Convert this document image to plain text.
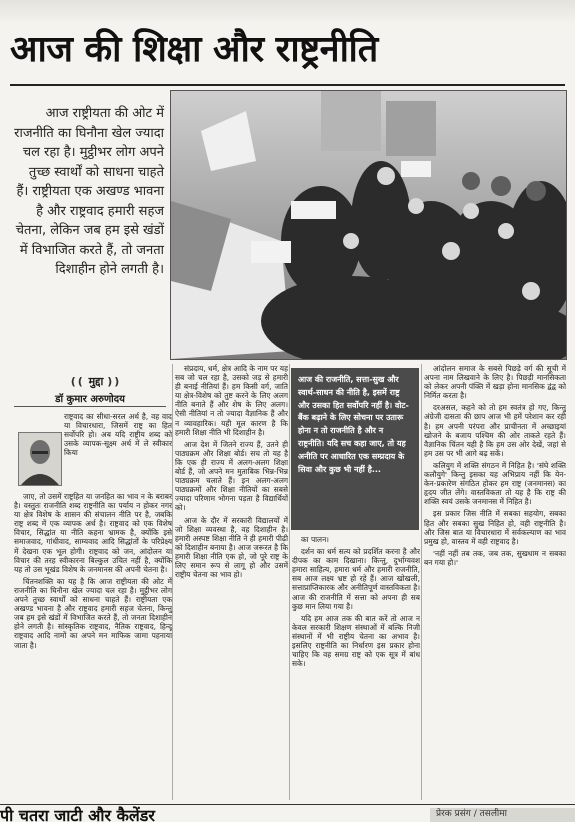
आज की शिक्षा और राष्ट्रनीति
आज राष्ट्रीयता की ओट में राजनीति का घिनौना खेल ज्यादा चल रहा है। मुट्ठीभर लोग अपने तुच्छ स्वार्थों को साधना चाहते हैं। राष्ट्रीयता एक अखण्ड भावना है और राष्ट्रवाद हमारी सहज चेतना, लेकिन जब हम इसे खंडों में विभाजित करते हैं, तो जनता दिशाहीन होने लगती है।
(( मुद्दा ))
डॉ कुमार अरुणोदय
राष्ट्रवाद का सीधा-सरल अर्थ है, वह वाद या विचारधारा, जिसमें राष्ट्र का हित सर्वोपरि हो। अब यदि राष्ट्रीय शब्द को उसके व्यापक-सूक्ष्म अर्थ में ले स्वीकार किया

जाए, तो उसमें राष्ट्रहित या जनहित का भाव न के बराबर है। वस्तुतः राजनीति शब्द राष्ट्रनीति का पर्याय न होकर नगर या क्षेत्र विशेष के शासन की संचालन नीति पर है, जबकि राष्ट्र शब्द में एक व्यापक अर्थ है। राष्ट्रवाद को एक विशेष विचार, सिद्धांत या नीति कहना भ्रामक है, क्योंकि इसे समाजवाद, गांधीवाद, साम्यवाद आदि सिद्धांतों के परिप्रेक्ष्य में देखना एक भूल होगी। राष्ट्रवाद को जन, आंदोलन या विचार की तरह स्वीकारना बिल्कुल उचित नहीं है, क्योंकि यह तो उस भूखंड विशेष के जनमानस की अपनी चेतना है।

चिंतनशक्ति का यह है कि आज राष्ट्रीयता की ओट में राजनीति का घिनौना खेल ज्यादा चल रहा है। मुट्ठीभर लोग अपने तुच्छ स्वार्थों को साधना चाहते हैं। राष्ट्रीयता एक अखण्ड भावना है और राष्ट्रवाद हमारी सहज चेतना, किन्तु जब हम इसे खंडों में विभाजित करते हैं, तो जनता दिशाहीन होने लगती है। सांस्कृतिक राष्ट्रवाद, नैतिक राष्ट्रवाद, हिन्दू राष्ट्रवाद आदि नामों का अपने मन माफिक जामा पहनाया जाता है।

संप्रदाय, धर्म, क्षेत्र आदि के नाम पर यह सब जो चल रहा है, उसको जड़ से हमारी ही बनाई नीतियां हैं। हम किसी वर्ग, जाति या क्षेत्र-विशेष को तुष्ट करने के लिए अलग नीति बनाते हैं और शेष के लिए अलग। ऐसी नीतियां न तो ज्यादा वैज्ञानिक हैं और न व्यावहारिक। यही मूल कारण है कि हमारी शिक्षा नीति भी दिशाहीन है।

आज देश में जितने राज्य हैं, उतने ही पाठ्यक्रम और शिक्षा बोर्ड। सच तो यह है कि एक ही राज्य में अलग-अलग शिक्षा बोर्ड हैं, जो अपने मन मुताबिक भिन्न-भिन्न पाठ्यक्रम चलाते हैं। इन अलग-अलग पाठ्यक्रमों और शिक्षा नीतियों का सबसे ज्यादा परिणाम भोगना पड़ता है विद्यार्थियों को।

आज के दौर में सरकारी विद्यालयों में जो शिक्षा व्यवस्था है, वह दिशाहीन है। हमारी अस्पष्ट शिक्षा नीति ने ही हमारी पीढ़ी को दिशाहीन बनाया है। आज जरूरत है कि हमारी शिक्षा नीति एक हो, जो पूरे राष्ट्र के लिए समान रूप से लागू हो और उसमें राष्ट्रीय चेतना का भाव हो।

आज की राजनीति, सत्ता-सुख और स्वार्थ-साधन की नीति है, इसमें राष्ट्र और उसका हित सर्वोपरि नहीं है। वोट-बैंक बढ़ाने के लिए सोचना पर उतारू होना न तो राजनीति है और न राष्ट्रनीति। यदि सच कहा जाए, तो यह अनीति पर आधारित एक सम्प्रदाय के सिवा और कुछ भी नहीं है...

का पालन।

दर्शन का धर्म सत्य को प्रदर्शित करना है और दीपक का काम दिखाना। किन्तु, दुर्भाग्यवश हमारा साहित्य, हमारा धर्म और हमारी राजनीति, सब आज लक्ष्य भ्रष्ट हो रहे हैं। आज खोखली, सत्ताप्राप्तिकारक और अनीतिपूर्ण वास्तविकता है। आज की राजनीति में सत्ता को अपना ही सब कुछ मान लिया गया है।

यदि हम आज तक की बात करें तो आज न केवल सरकारी शिक्षण संस्थाओं में बल्कि निजी संस्थानों में भी राष्ट्रीय चेतना का अभाव है। इसलिए राष्ट्रनीति का निर्धारण इस प्रकार होना चाहिए कि वह समग्र राष्ट्र को एक सूत्र में बांध सके।

आंदोलन समाज के सबसे पिछड़े वर्ग की सूची में अपना नाम लिखवाने के लिए है। पिछड़ी मानसिकता को लेकर अपनी पंक्ति में खड़ा होना मानसिक द्वंद्व को निर्मित करता है।

दरअसल, कहने को तो हम स्वतंत्र हो गए, किन्तु अंग्रेजी दासता की छाप आज भी हमें परेशान कर रही है। हम अपनी परंपरा और प्राचीनता में अच्छाइयां खोजने के बजाय पश्चिम की ओर ताकते रहते हैं। वैज्ञानिक चिंतन यही है कि हम उस ओर देखें, जहां से हम उस पर भी आगे बढ़ सकें।

कलियुग में शक्ति संगठन में निहित है। 'संघे शक्ति कलौयुगे' किन्तु इसका यह अभिप्राय नहीं कि येन-केन-प्रकारेण संगठित होकर हम राष्ट्र (जनमानस) का हृदय जीत लेंगे। वास्तविकता तो यह है कि राष्ट्र की शक्ति स्वयं उसके जनमानस में निहित है।

इस प्रकार जिस नीति में सबका सहयोग, सबका हित और सबका सुख निहित हो, वही राष्ट्रनीति है। और जिस बात या विचारधारा में सर्वकल्याण का भाव प्रमुख हो, वास्तव में वही राष्ट्रवाद है।

'नहीं नहीं तब तक, जब तक, सुखधाम न सबका बन गया हो।'

पी चतरा जाटी और कैलेंडर	प्रेरक प्रसंग / तसलीमा
